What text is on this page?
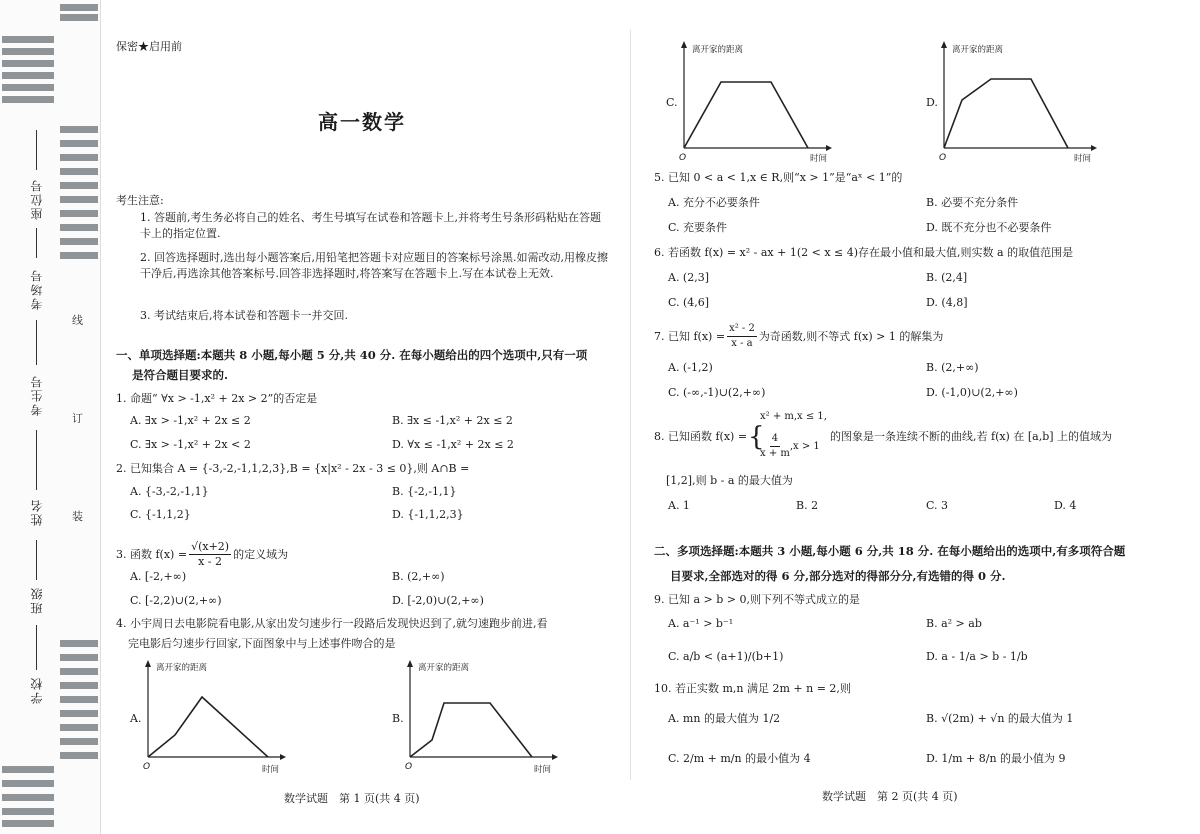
座位号
考场号
考生号
姓名
班级
学校
线
订
装
保密★启用前
高一数学
考生注意:
1. 答题前,考生务必将自己的姓名、考生号填写在试卷和答题卡上,并将考生号条形码粘贴在答题卡上的指定位置.
2. 回答选择题时,选出每小题答案后,用铅笔把答题卡对应题目的答案标号涂黑.如需改动,用橡皮擦干净后,再选涂其他答案标号.回答非选择题时,将答案写在答题卡上.写在本试卷上无效.
3. 考试结束后,将本试卷和答题卡一并交回.
一、单项选择题:本题共 8 小题,每小题 5 分,共 40 分. 在每小题给出的四个选项中,只有一项
是符合题目要求的.
1. 命题“ ∀x > -1,x² + 2x > 2”的否定是
A. ∃x > -1,x² + 2x ≤ 2	B. ∃x ≤ -1,x² + 2x ≤ 2
C. ∃x > -1,x² + 2x < 2	D. ∀x ≤ -1,x² + 2x ≤ 2
2. 已知集合 A = {-3,-2,-1,1,2,3},B = {x|x² - 2x - 3 ≤ 0},则 A∩B =
A. {-3,-2,-1,1}	B. {-2,-1,1}
C. {-1,1,2}	D. {-1,1,2,3}
3. 函数 $f(x) = \frac{√(x+2)}{x - 2}$ 的定义域为
A. [-2,+∞)	B. (2,+∞)
C. [-2,2)∪(2,+∞)	D. [-2,0)∪(2,+∞)
4. 小宇周日去电影院看电影,从家出发匀速步行一段路后发现快迟到了,就匀速跑步前进,看
完电影后匀速步行回家,下面图象中与上述事件吻合的是
A.
离开家的距离
时间
O
B.
离开家的距离
时间
O
数学试题　第 1 页(共 4 页)
C.
离开家的距离
时间
O
D.
离开家的距离
时间
O
5. 已知 0 < a < 1,x ∈ R,则“x > 1”是“aˣ < 1”的
A. 充分不必要条件	B. 必要不充分条件
C. 充要条件	D. 既不充分也不必要条件
6. 若函数 f(x) = x² - ax + 1(2 < x ≤ 4)存在最小值和最大值,则实数 a 的取值范围是
A. (2,3]	B. (2,4]
C. (4,6]	D. (4,8]
7. 已知 $f(x) = \frac{\text{x² - 2}}{x - a}$ 为奇函数,则不等式 f(x) > 1 的解集为
A. (-1,2)	B. (2,+∞)
C. (-∞,-1)∪(2,+∞)	D. (-1,0)∪(2,+∞)
8. 已知函数 f(x) = {
x² + m,x ≤ 1,
$\frac{4}{x + m} ,x > 1$
的图象是一条连续不断的曲线,若 f(x) 在 [a,b] 上的值域为
[1,2],则 b - a 的最大值为
A. 1	B. 2	C. 3	D. 4
二、多项选择题:本题共 3 小题,每小题 6 分,共 18 分. 在每小题给出的选项中,有多项符合题
目要求,全部选对的得 6 分,部分选对的得部分分,有选错的得 0 分.
9. 已知 a > b > 0,则下列不等式成立的是
A. a⁻¹ > b⁻¹	B. a² > ab
C. a/b < (a+1)/(b+1)	D. a - 1/a > b - 1/b
10. 若正实数 m,n 满足 2m + n = 2,则
A. mn 的最大值为 1/2	B. √(2m) + √n 的最大值为 1
C. 2/m + m/n 的最小值为 4	D. 1/m + 8/n 的最小值为 9
数学试题　第 2 页(共 4 页)
